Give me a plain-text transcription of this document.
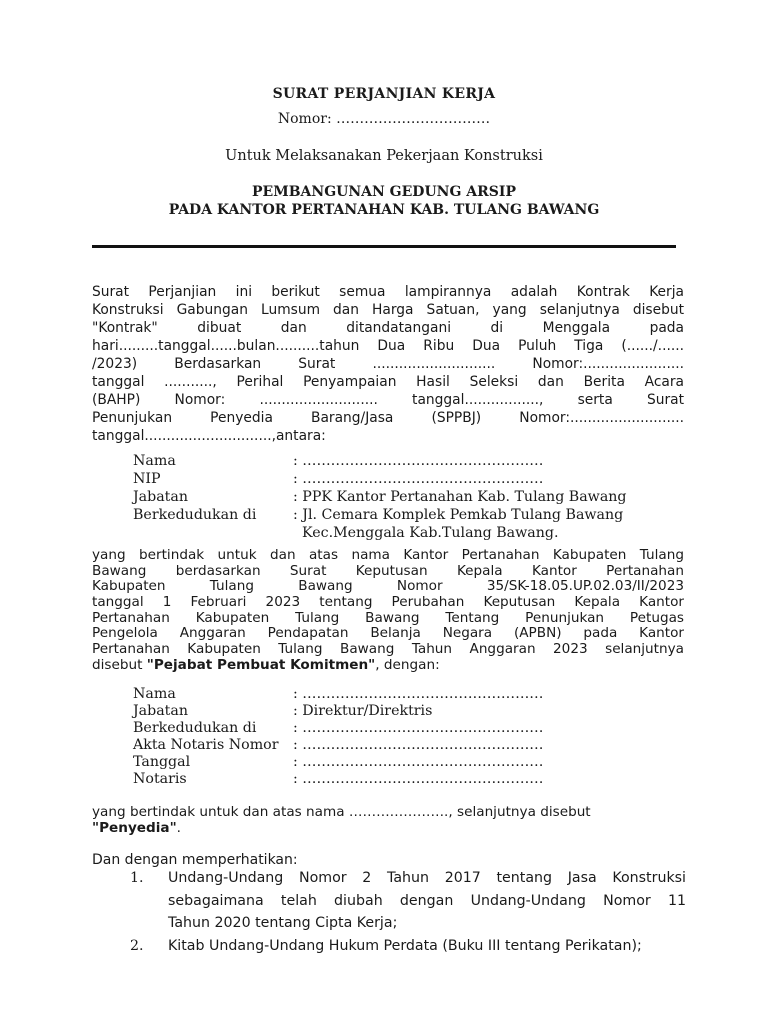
SURAT PERJANJIAN KERJA
Nomor: ……………………………
Untuk Melaksanakan Pekerjaan Konstruksi
PEMBANGUNAN GEDUNG ARSIP
PADA KANTOR PERTANAHAN KAB. TULANG BAWANG
Surat Perjanjian ini berikut semua lampirannya adalah Kontrak Kerja
Konstruksi Gabungan Lumsum dan Harga Satuan, yang selanjutnya disebut
"Kontrak" dibuat dan ditandatangani di Menggala pada
hari.........tanggal......bulan..........tahun Dua Ribu Dua Puluh Tiga (....../......
/2023) Berdasarkan Surat ............................ Nomor:.......................
tanggal ..........., Perihal Penyampaian Hasil Seleksi dan Berita Acara
(BAHP) Nomor: ........................... tanggal................., serta Surat
Penunjukan Penyedia Barang/Jasa (SPPBJ) Nomor:..........................
tanggal.............................,antara:
Nama	: ……………………………………………
NIP	: ……………………………………………
Jabatan	: PPK Kantor Pertanahan Kab. Tulang Bawang
Berkedudukan di	: Jl. Cemara Komplek Pemkab Tulang Bawang
Kec.Menggala Kab.Tulang Bawang.
yang bertindak untuk dan atas nama Kantor Pertanahan Kabupaten Tulang
Bawang berdasarkan Surat Keputusan Kepala Kantor Pertanahan
Kabupaten Tulang Bawang Nomor 35/SK-18.05.UP.02.03/II/2023
tanggal 1 Februari 2023 tentang Perubahan Keputusan Kepala Kantor
Pertanahan Kabupaten Tulang Bawang Tentang Penunjukan Petugas
Pengelola Anggaran Pendapatan Belanja Negara (APBN) pada Kantor
Pertanahan Kabupaten Tulang Bawang Tahun Anggaran 2023 selanjutnya
disebut "Pejabat Pembuat Komitmen", dengan:
Nama	: ……………………………………………
Jabatan	: Direktur/Direktris
Berkedudukan di	: ……………………………………………
Akta Notaris Nomor	: ……………………………………………
Tanggal	: ……………………………………………
Notaris	: ……………………………………………
yang bertindak untuk dan atas nama …………………., selanjutnya disebut
"Penyedia".
Dan dengan memperhatikan:
1.	Undang-Undang Nomor 2 Tahun 2017 tentang Jasa Konstruksi
sebagaimana telah diubah dengan Undang-Undang Nomor 11
Tahun 2020 tentang Cipta Kerja;
2.	Kitab Undang-Undang Hukum Perdata (Buku III tentang Perikatan);
